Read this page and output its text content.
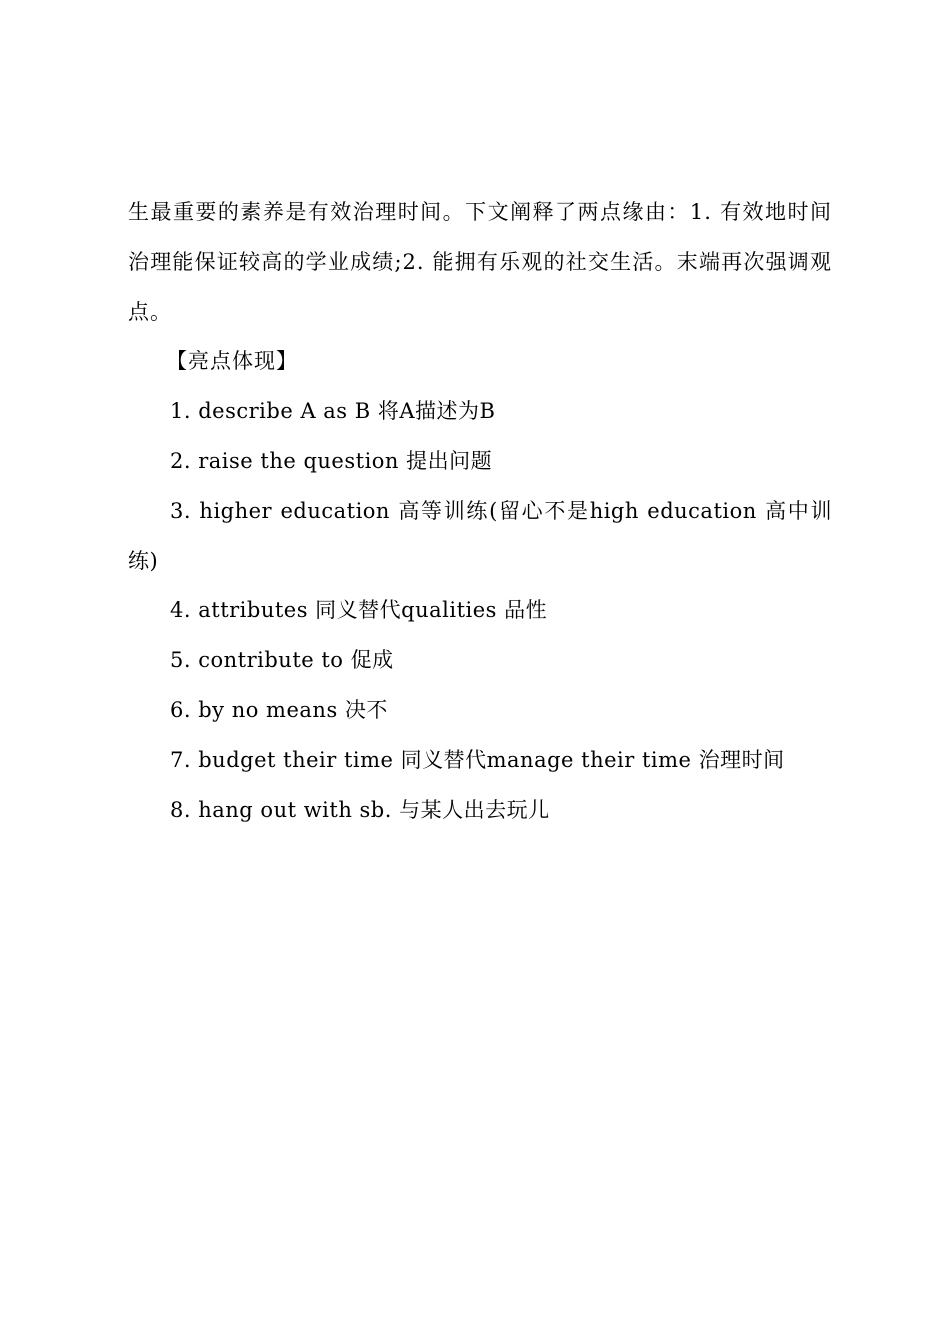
生最重要的素养是有效治理时间。下文阐释了两点缘由：1. 有效地时间治理能保证较高的学业成绩;2. 能拥有乐观的社交生活。末端再次强调观点。

【亮点体现】

1. describe A as B 将A描述为B
2. raise the question 提出问题
3. higher education 高等训练(留心不是high education 高中训练)
4. attributes 同义替代qualities 品性
5. contribute to 促成
6. by no means 决不
7. budget their time 同义替代manage their time 治理时间
8. hang out with sb. 与某人出去玩儿
